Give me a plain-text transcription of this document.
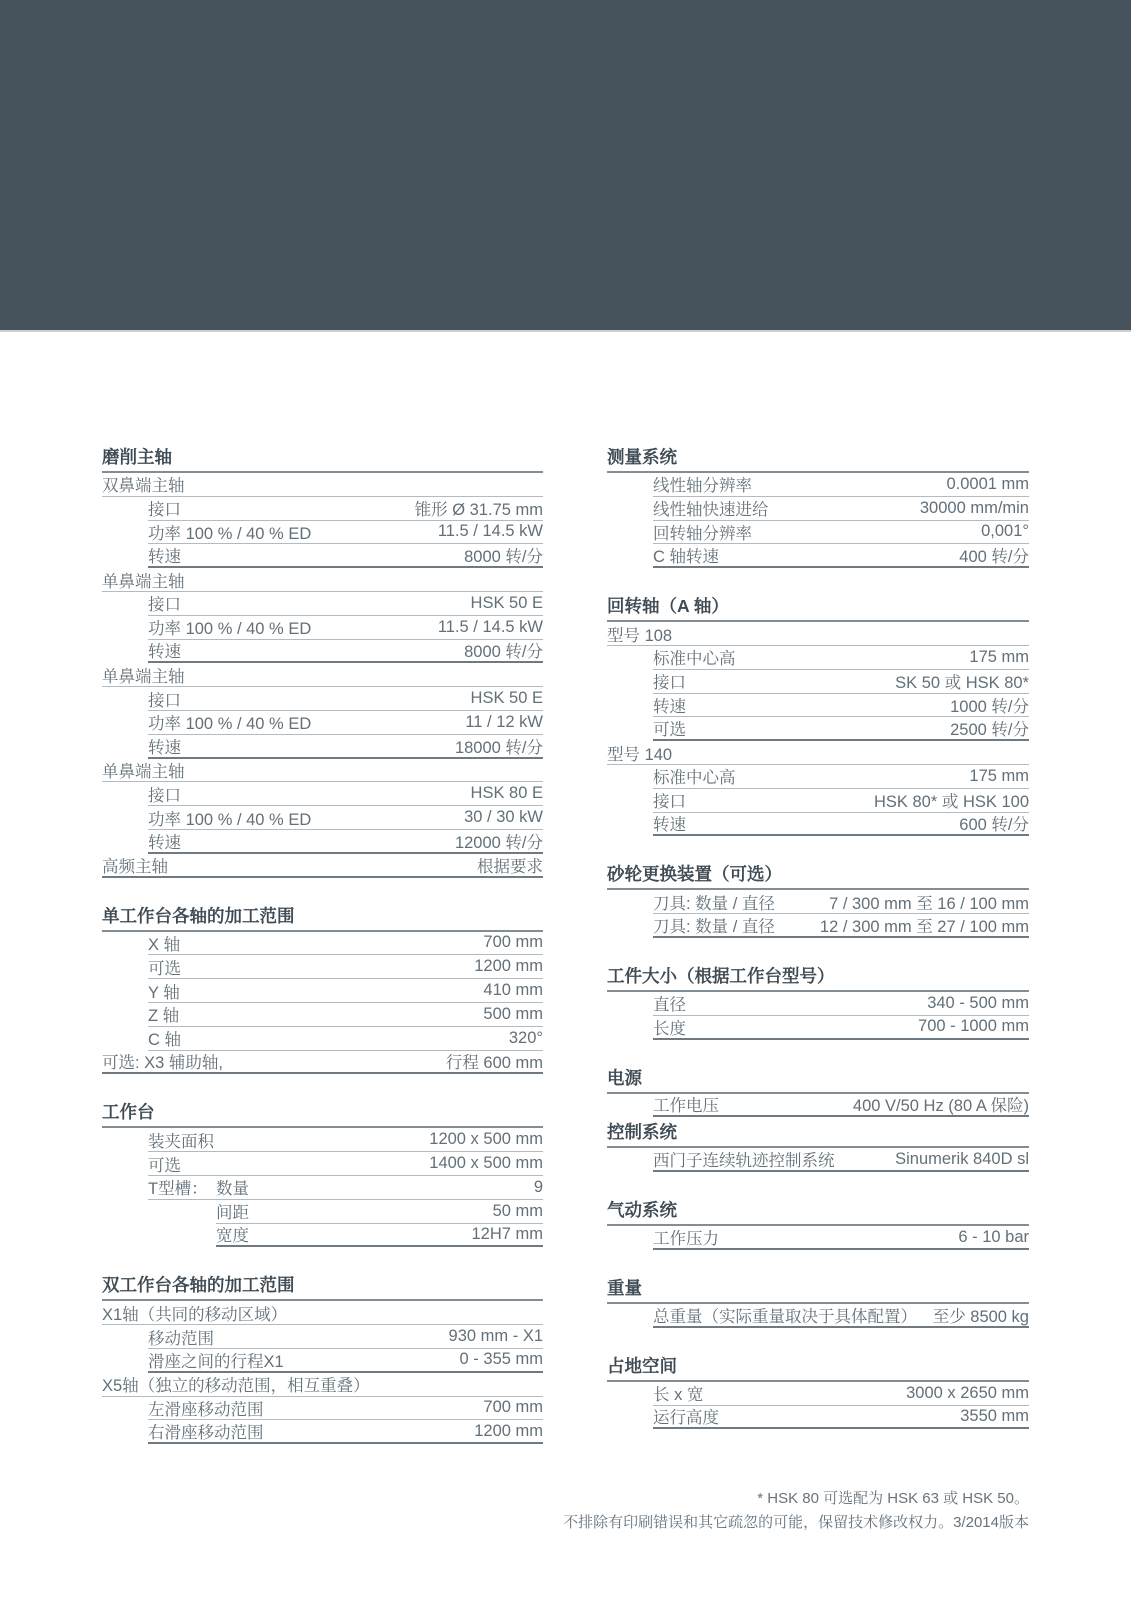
磨削主轴
双鼻端主轴
接口	锥形 Ø 31.75 mm
功率 100 % / 40 % ED	11.5 / 14.5 kW
转速	8000 转/分
单鼻端主轴
接口	HSK 50 E
功率 100 % / 40 % ED	11.5 / 14.5 kW
转速	8000 转/分
单鼻端主轴
接口	HSK 50 E
功率 100 % / 40 % ED	11 / 12 kW
转速	18000 转/分
单鼻端主轴
接口	HSK 80 E
功率 100 % / 40 % ED	30 / 30 kW
转速	12000 转/分
高频主轴	根据要求
单工作台各轴的加工范围
X 轴	700 mm
可选	1200 mm
Y 轴	410 mm
Z 轴	500 mm
C 轴	320°
可选: X3 辅助轴,	行程 600 mm
工作台
装夹面积	1200 x 500 mm
可选	1400 x 500 mm
T型槽： 数量	9
间距	50 mm
宽度	12H7 mm
双工作台各轴的加工范围
X1轴（共同的移动区域）
移动范围	930 mm - X1
滑座之间的行程X1	0 - 355 mm
X5轴（独立的移动范围，相互重叠）
左滑座移动范围	700 mm
右滑座移动范围	1200 mm
测量系统
线性轴分辨率	0.0001 mm
线性轴快速进给	30000 mm/min
回转轴分辨率	0,001°
C 轴转速	400 转/分
回转轴（A 轴）
型号 108
标准中心高	175 mm
接口	SK 50 或 HSK 80*
转速	1000 转/分
可选	2500 转/分
型号 140
标准中心高	175 mm
接口	HSK 80* 或 HSK 100
转速	600 转/分
砂轮更换装置（可选）
刀具: 数量 / 直径	7 / 300 mm 至 16 / 100 mm
刀具: 数量 / 直径	12 / 300 mm 至 27 / 100 mm
工件大小（根据工作台型号）
直径	340 - 500 mm
长度	700 - 1000 mm
电源
工作电压	400 V/50 Hz (80 A 保险)
控制系统
西门子连续轨迹控制系统	Sinumerik 840D sl
气动系统
工作压力	6 - 10 bar
重量
总重量（实际重量取决于具体配置） 至少 8500 kg
占地空间
长 x 宽	3000 x 2650 mm
运行高度	3550 mm
* HSK 80 可选配为 HSK 63 或 HSK 50。
不排除有印刷错误和其它疏忽的可能，保留技术修改权力。3/2014版本
